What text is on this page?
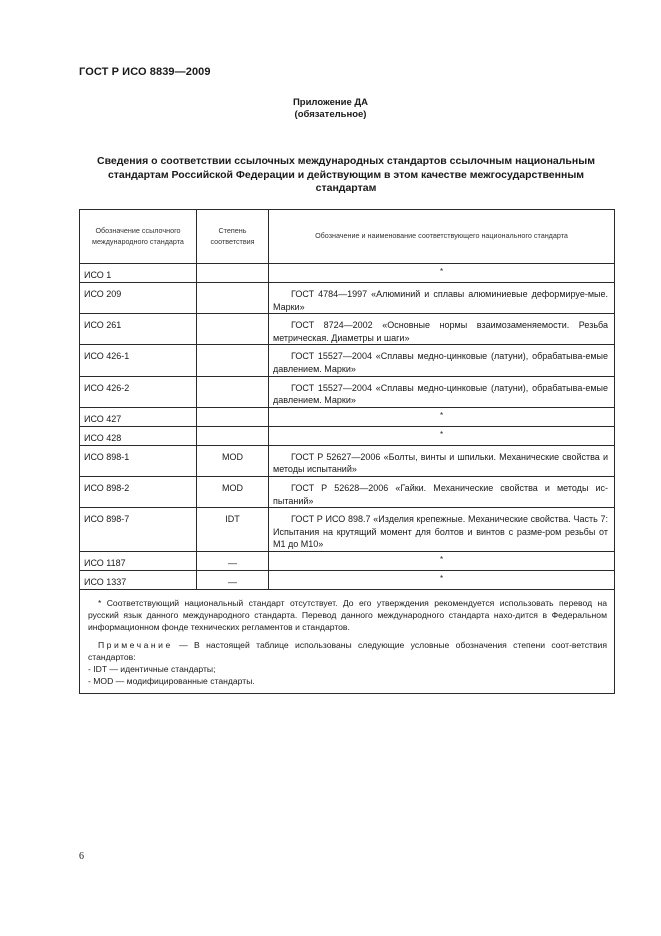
ГОСТ Р ИСО 8839—2009
Приложение ДА
(обязательное)
Сведения о соответствии ссылочных международных стандартов ссылочным национальным стандартам Российской Федерации и действующим в этом качестве межгосударственным стандартам
Обозначение ссылочного международного стандарта	Степень соответствия	Обозначение и наименование соответствующего национального стандарта
ИСО 1		*
ИСО 209		ГОСТ 4784—1997 «Алюминий и сплавы алюминиевые деформируе-мые. Марки»
ИСО 261		ГОСТ 8724—2002 «Основные нормы взаимозаменяемости. Резьба метрическая. Диаметры и шаги»
ИСО 426-1		ГОСТ 15527—2004 «Сплавы медно-цинковые (латуни), обрабатыва-емые давлением. Марки»
ИСО 426-2		ГОСТ 15527—2004 «Сплавы медно-цинковые (латуни), обрабатыва-емые давлением. Марки»
ИСО 427		*
ИСО 428		*
ИСО 898-1	MOD	ГОСТ Р 52627—2006 «Болты, винты и шпильки. Механические свойства и методы испытаний»
ИСО 898-2	MOD	ГОСТ Р 52628—2006 «Гайки. Механические свойства и методы ис-пытаний»
ИСО 898-7	IDT	ГОСТ Р ИСО 898.7 «Изделия крепежные. Механические свойства. Часть 7: Испытания на крутящий момент для болтов и винтов с разме-ром резьбы от М1 до М10»
ИСО 1187	—	*
ИСО 1337	—	*

* Соответствующий национальный стандарт отсутствует. До его утверждения рекомендуется использовать перевод на русский язык данного международного стандарта. Перевод данного международного стандарта нахо-дится в Федеральном информационном фонде технических регламентов и стандартов.

Примечание — В настоящей таблице использованы следующие условные обозначения степени соот-ветствия стандартов:

- IDT — идентичные стандарты;

- MOD — модифицированные стандарты.		

6
